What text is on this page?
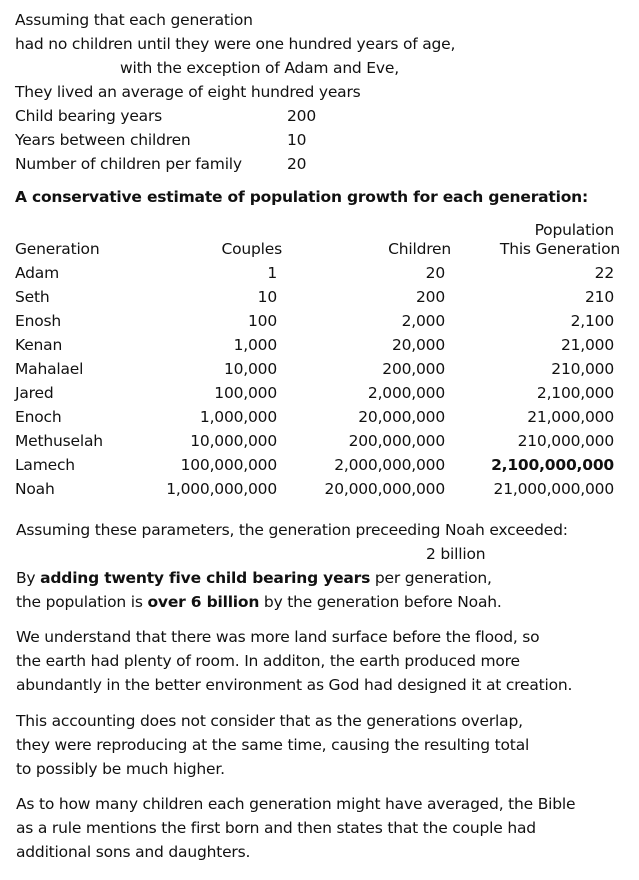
Assuming that each generation
had no children until they were one hundred years of age,
with the exception of Adam and Eve,
They lived an average of eight hundred years
Child bearing years	200
Years between children	10
Number of children per family	20
A conservative estimate of population growth for each generation:
Population
Generation	Couples	Children	This Generation
Adam	1	20	22
Seth	10	200	210
Enosh	100	2,000	2,100
Kenan	1,000	20,000	21,000
Mahalael	10,000	200,000	210,000
Jared	100,000	2,000,000	2,100,000
Enoch	1,000,000	20,000,000	21,000,000
Methuselah	10,000,000	200,000,000	210,000,000
Lamech	100,000,000	2,000,000,000	2,100,000,000
Noah	1,000,000,000	20,000,000,000	21,000,000,000
Assuming these parameters, the generation preceeding Noah exceeded:
2 billion
By adding twenty five child bearing years per generation,
the population is over 6 billion by the generation before Noah.
We understand that there was more land surface before the flood, so
the earth had plenty of room. In additon, the earth produced more
abundantly in the better environment as God had designed it at creation.
This accounting does not consider that as the generations overlap,
they were reproducing at the same time, causing the resulting total
to possibly be much higher.
As to how many children each generation might have averaged, the Bible
as a rule mentions the first born and then states that the couple had
additional sons and daughters.
